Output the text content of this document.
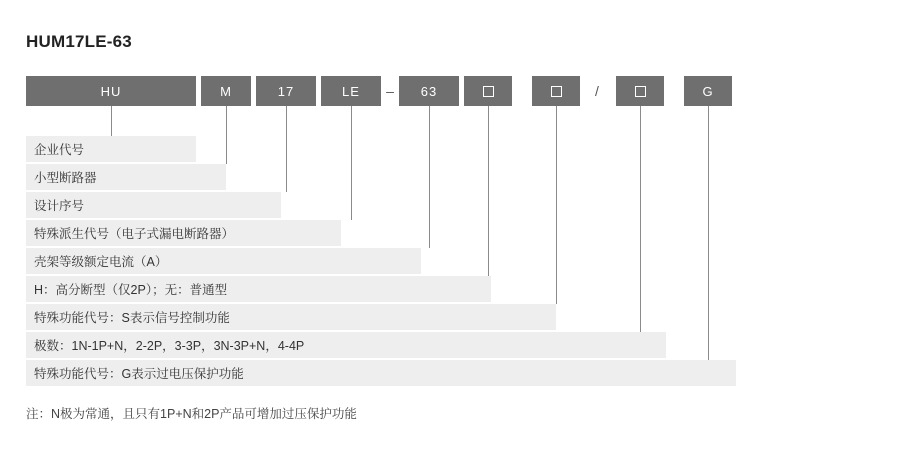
HUM17LE-63
HU	M	17	LE	–	63	/	G
企业代号
小型断路器
设计序号
特殊派生代号（电子式漏电断路器）
壳架等级额定电流（A）
H：高分断型（仅2P）；无：普通型
特殊功能代号：S表示信号控制功能
极数：1N-1P+N，2-2P，3-3P，3N-3P+N，4-4P
特殊功能代号：G表示过电压保护功能
注：N极为常通，且只有1P+N和2P产品可增加过压保护功能
